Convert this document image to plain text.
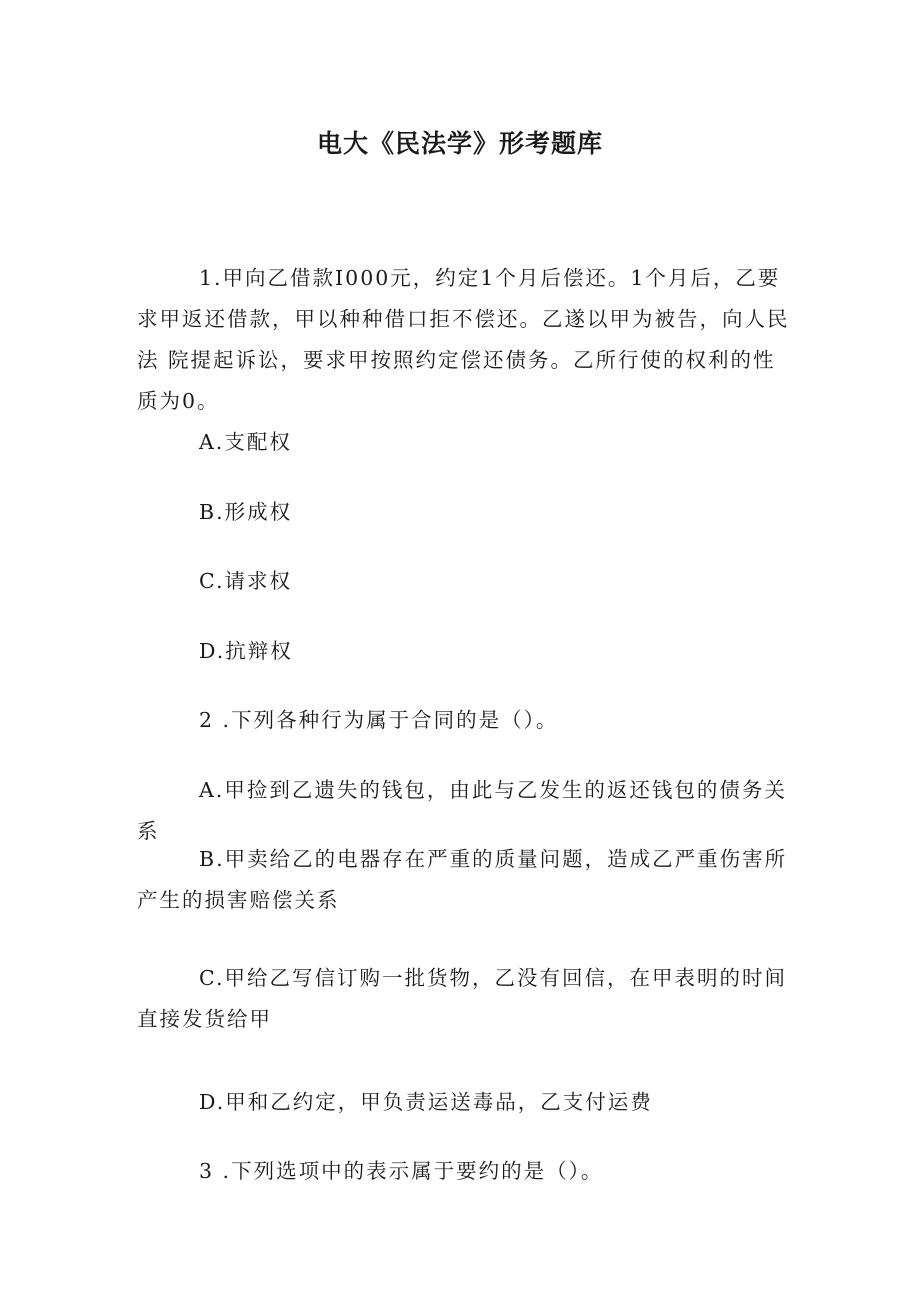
电大《民法学》形考题库

1.甲向乙借款I000元，约定1个月后偿还。1个月后，乙要 求甲返还借款，甲以种种借口拒不偿还。乙遂以甲为被告，向人民法 院提起诉讼，要求甲按照约定偿还债务。乙所行使的权利的性质为0。

A.支配权

B.形成权

C.请求权

D.抗辩权

2 .下列各种行为属于合同的是（）。

A.甲捡到乙遗失的钱包，由此与乙发生的返还钱包的债务关 系

B.甲卖给乙的电器存在严重的质量问题，造成乙严重伤害所 产生的损害赔偿关系

C.甲给乙写信订购一批货物，乙没有回信，在甲表明的时间 直接发货给甲

D.甲和乙约定，甲负责运送毒品，乙支付运费

3 .下列选项中的表示属于要约的是（）。
